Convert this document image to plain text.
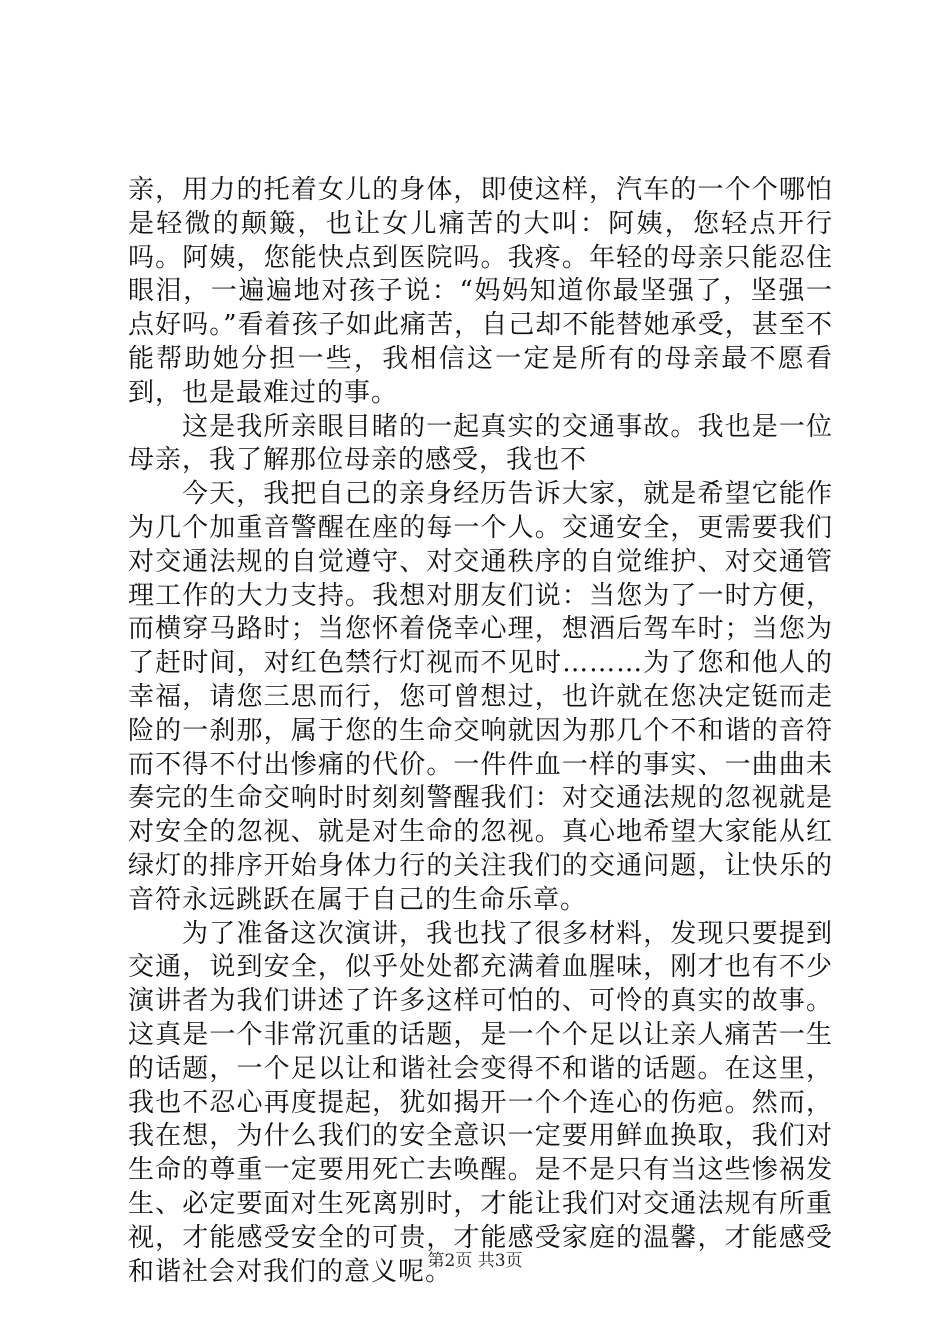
亲，用力的托着女儿的身体，即使这样，汽车的一个个哪怕是轻微的颠簸，也让女儿痛苦的大叫：阿姨，您轻点开行吗。阿姨，您能快点到医院吗。我疼。年轻的母亲只能忍住眼泪，一遍遍地对孩子说：“妈妈知道你最坚强了，坚强一点好吗。”看着孩子如此痛苦，自己却不能替她承受，甚至不能帮助她分担一些，我相信这一定是所有的母亲最不愿看到，也是最难过的事。

这是我所亲眼目睹的一起真实的交通事故。我也是一位母亲，我了解那位母亲的感受，我也不

今天，我把自己的亲身经历告诉大家，就是希望它能作为几个加重音警醒在座的每一个人。交通安全，更需要我们对交通法规的自觉遵守、对交通秩序的自觉维护、对交通管理工作的大力支持。我想对朋友们说：当您为了一时方便，而横穿马路时；当您怀着侥幸心理，想酒后驾车时；当您为了赶时间，对红色禁行灯视而不见时………为了您和他人的幸福，请您三思而行，您可曾想过，也许就在您决定铤而走险的一刹那，属于您的生命交响就因为那几个不和谐的音符而不得不付出惨痛的代价。一件件血一样的事实、一曲曲未奏完的生命交响时时刻刻警醒我们：对交通法规的忽视就是对安全的忽视、就是对生命的忽视。真心地希望大家能从红绿灯的排序开始身体力行的关注我们的交通问题，让快乐的音符永远跳跃在属于自己的生命乐章。

为了准备这次演讲，我也找了很多材料，发现只要提到交通，说到安全，似乎处处都充满着血腥味，刚才也有不少演讲者为我们讲述了许多这样可怕的、可怜的真实的故事。这真是一个非常沉重的话题，是一个个足以让亲人痛苦一生的话题，一个足以让和谐社会变得不和谐的话题。在这里，我也不忍心再度提起，犹如揭开一个个连心的伤疤。然而，我在想，为什么我们的安全意识一定要用鲜血换取，我们对生命的尊重一定要用死亡去唤醒。是不是只有当这些惨祸发生、必定要面对生死离别时，才能让我们对交通法规有所重视，才能感受安全的可贵，才能感受家庭的温馨，才能感受和谐社会对我们的意义呢。

第2页 共3页
